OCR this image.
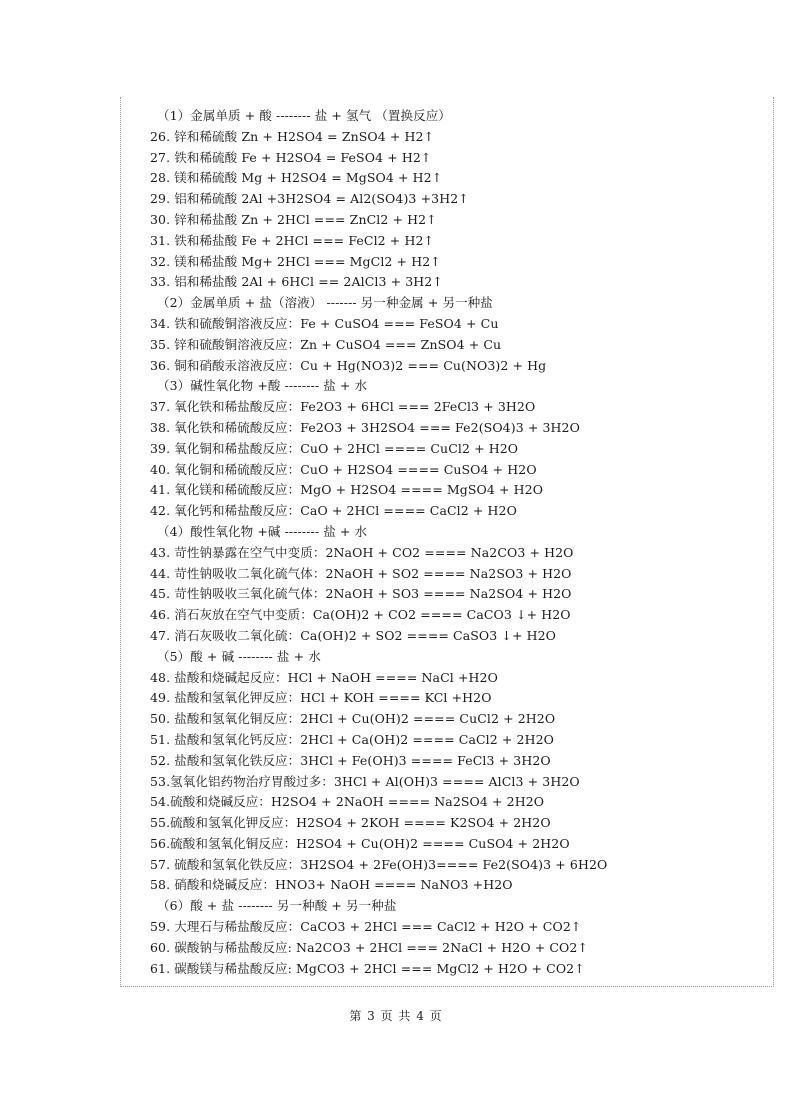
（1）金属单质 + 酸 -------- 盐 + 氢气 （置换反应）
26. 锌和稀硫酸 Zn + H2SO4 = ZnSO4 + H2↑
27. 铁和稀硫酸 Fe + H2SO4 = FeSO4 + H2↑
28. 镁和稀硫酸 Mg + H2SO4 = MgSO4 + H2↑
29. 铝和稀硫酸 2Al +3H2SO4 = Al2(SO4)3 +3H2↑
30. 锌和稀盐酸 Zn + 2HCl === ZnCl2 + H2↑
31. 铁和稀盐酸 Fe + 2HCl === FeCl2 + H2↑
32. 镁和稀盐酸 Mg+ 2HCl === MgCl2 + H2↑
33. 铝和稀盐酸 2Al + 6HCl == 2AlCl3 + 3H2↑
（2）金属单质 + 盐（溶液） ------- 另一种金属 + 另一种盐
34. 铁和硫酸铜溶液反应：Fe + CuSO4 === FeSO4 + Cu
35. 锌和硫酸铜溶液反应：Zn + CuSO4 === ZnSO4 + Cu
36. 铜和硝酸汞溶液反应：Cu + Hg(NO3)2 === Cu(NO3)2 + Hg
（3）碱性氧化物 +酸 -------- 盐 + 水
37. 氧化铁和稀盐酸反应：Fe2O3 + 6HCl === 2FeCl3 + 3H2O
38. 氧化铁和稀硫酸反应：Fe2O3 + 3H2SO4 === Fe2(SO4)3 + 3H2O
39. 氧化铜和稀盐酸反应：CuO + 2HCl ==== CuCl2 + H2O
40. 氧化铜和稀硫酸反应：CuO + H2SO4 ==== CuSO4 + H2O
41. 氧化镁和稀硫酸反应：MgO + H2SO4 ==== MgSO4 + H2O
42. 氧化钙和稀盐酸反应：CaO + 2HCl ==== CaCl2 + H2O
（4）酸性氧化物 +碱 -------- 盐 + 水
43. 苛性钠暴露在空气中变质：2NaOH + CO2 ==== Na2CO3 + H2O
44. 苛性钠吸收二氧化硫气体：2NaOH + SO2 ==== Na2SO3 + H2O
45. 苛性钠吸收三氧化硫气体：2NaOH + SO3 ==== Na2SO4 + H2O
46. 消石灰放在空气中变质：Ca(OH)2 + CO2 ==== CaCO3 ↓+ H2O
47. 消石灰吸收二氧化硫：Ca(OH)2 + SO2 ==== CaSO3 ↓+ H2O
（5）酸 + 碱 -------- 盐 + 水
48. 盐酸和烧碱起反应：HCl + NaOH ==== NaCl +H2O
49. 盐酸和氢氧化钾反应：HCl + KOH ==== KCl +H2O
50. 盐酸和氢氧化铜反应：2HCl + Cu(OH)2 ==== CuCl2 + 2H2O
51. 盐酸和氢氧化钙反应：2HCl + Ca(OH)2 ==== CaCl2 + 2H2O
52. 盐酸和氢氧化铁反应：3HCl + Fe(OH)3 ==== FeCl3 + 3H2O
53.氢氧化铝药物治疗胃酸过多：3HCl + Al(OH)3 ==== AlCl3 + 3H2O
54.硫酸和烧碱反应：H2SO4 + 2NaOH ==== Na2SO4 + 2H2O
55.硫酸和氢氧化钾反应：H2SO4 + 2KOH ==== K2SO4 + 2H2O
56.硫酸和氢氧化铜反应：H2SO4 + Cu(OH)2 ==== CuSO4 + 2H2O
57. 硫酸和氢氧化铁反应：3H2SO4 + 2Fe(OH)3==== Fe2(SO4)3 + 6H2O
58. 硝酸和烧碱反应：HNO3+ NaOH ==== NaNO3 +H2O
（6）酸 + 盐 -------- 另一种酸 + 另一种盐
59. 大理石与稀盐酸反应：CaCO3 + 2HCl === CaCl2 + H2O + CO2↑
60. 碳酸钠与稀盐酸反应: Na2CO3 + 2HCl === 2NaCl + H2O + CO2↑
61. 碳酸镁与稀盐酸反应: MgCO3 + 2HCl === MgCl2 + H2O + CO2↑
第 3 页 共 4 页
